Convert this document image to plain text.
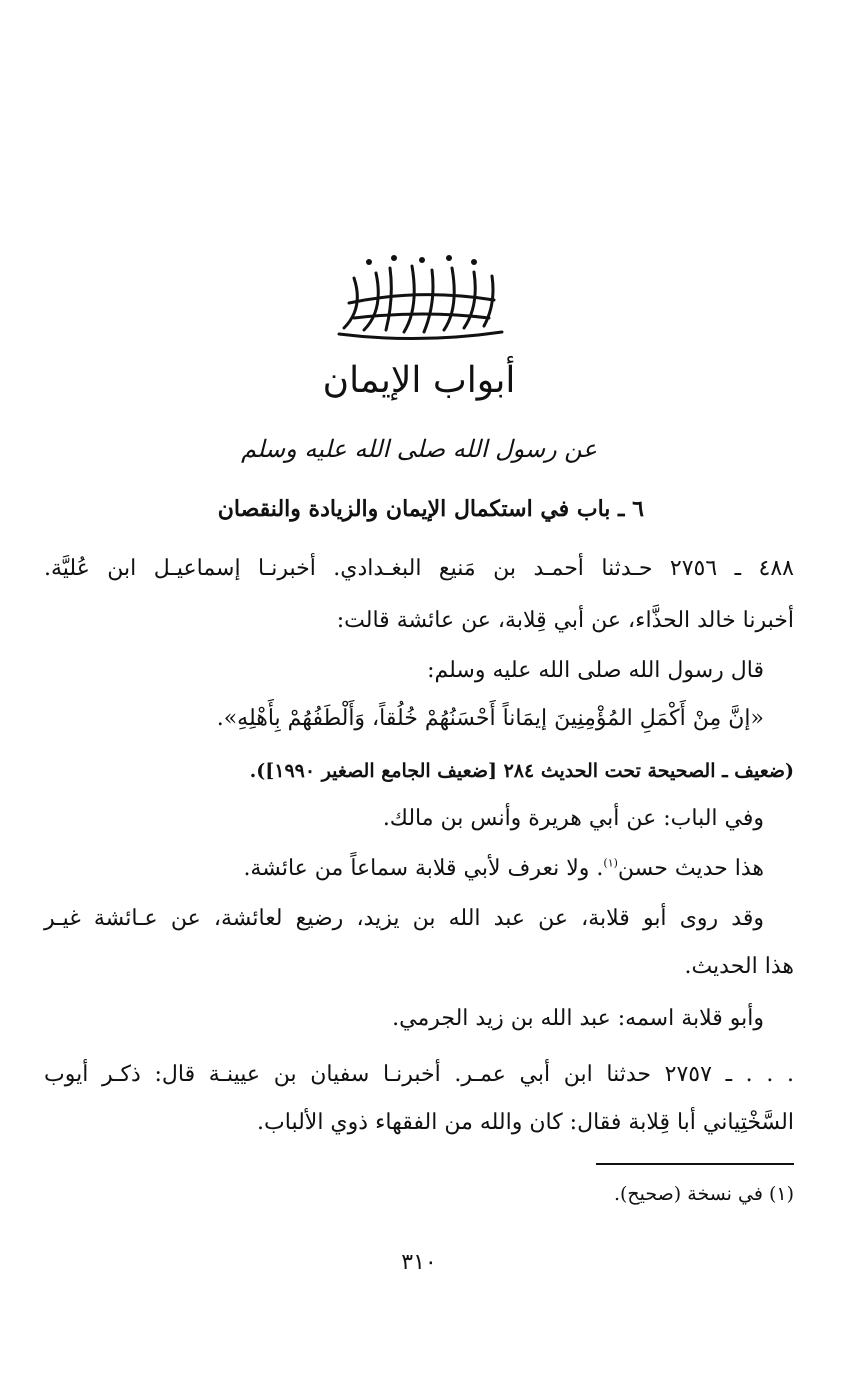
أبواب الإيمان
عن رسول الله صلى الله عليه وسلم
٦ ـ باب في استكمال الإيمان والزيادة والنقصان
٤٨٨ ـ ٢٧٥٦ حـدثنا أحمـد بن مَنيع البغـدادي. أخبرنـا إسماعيـل ابن عُليَّة.
أخبرنا خالد الحذَّاء، عن أبي قِلابة، عن عائشة قالت:
قال رسول الله صلى الله عليه وسلم:
«إنَّ مِنْ أَكْمَلِ المُؤْمِنِينَ إيمَاناً أَحْسَنُهُمْ خُلُقاً، وَأَلْطَفُهُمْ بِأَهْلِهِ».
(ضعيف ـ الصحيحة تحت الحديث ٢٨٤ [ضعيف الجامع الصغير ١٩٩٠]).
وفي الباب: عن أبي هريرة وأنس بن مالك.
هذا حديث حسن$^{(١)}$. ولا نعرف لأبي قلابة سماعاً من عائشة.
وقد روى أبو قلابة، عن عبد الله بن يزيد، رضيع لعائشة، عن عـائشة غيـر
هذا الحديث.
وأبو قلابة اسمه: عبد الله بن زيد الجرمي.
. . . ـ ٢٧٥٧ حدثنا ابن أبي عمـر. أخبرنـا سفيان بن عيينـة قال: ذكـر أيوب
السَّخْتِياني أبا قِلابة فقال: كان والله من الفقهاء ذوي الألباب.
(١) في نسخة (صحيح).
٣١٠
